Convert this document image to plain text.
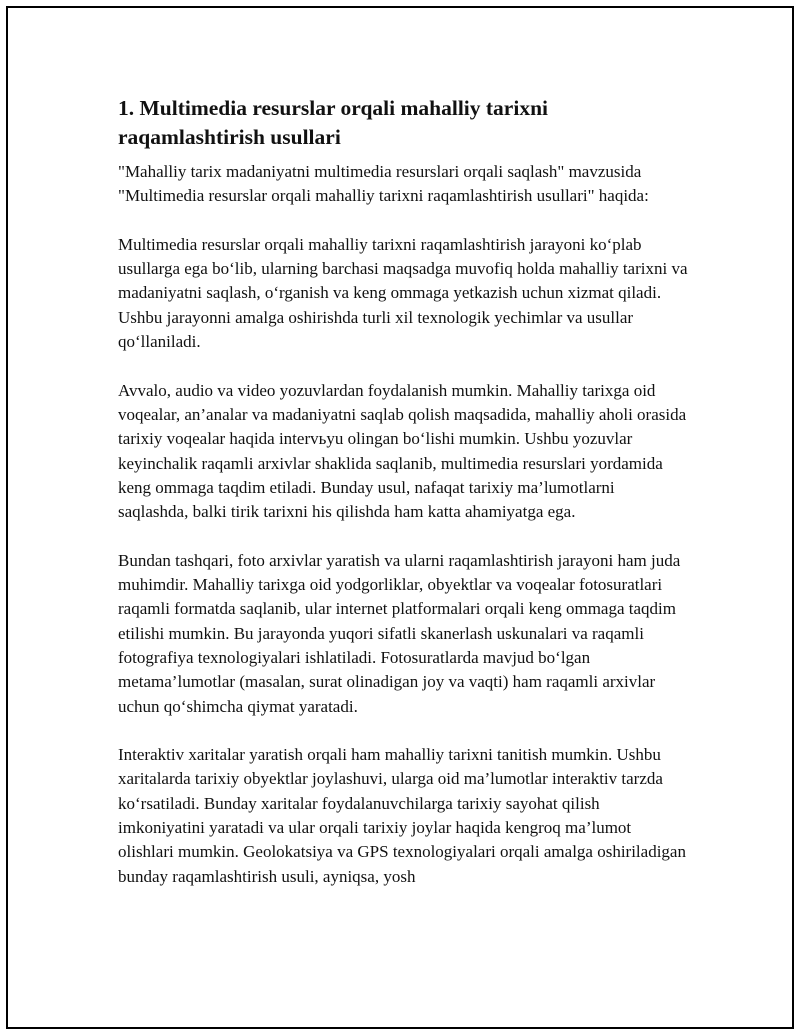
1. Multimedia resurslar orqali mahalliy tarixni raqamlashtirish usullari

"Mahalliy tarix madaniyatni multimedia resurslari orqali saqlash" mavzusida "Multimedia resurslar orqali mahalliy tarixni raqamlashtirish usullari" haqida:

Multimedia resurslar orqali mahalliy tarixni raqamlashtirish jarayoni ko‘plab usullarga ega bo‘lib, ularning barchasi maqsadga muvofiq holda mahalliy tarixni va madaniyatni saqlash, o‘rganish va keng ommaga yetkazish uchun xizmat qiladi. Ushbu jarayonni amalga oshirishda turli xil texnologik yechimlar va usullar qo‘llaniladi.

Avvalo, audio va video yozuvlardan foydalanish mumkin. Mahalliy tarixga oid voqealar, an’analar va madaniyatni saqlab qolish maqsadida, mahalliy aholi orasida tarixiy voqealar haqida intervьyu olingan bo‘lishi mumkin. Ushbu yozuvlar keyinchalik raqamli arxivlar shaklida saqlanib, multimedia resurslari yordamida keng ommaga taqdim etiladi. Bunday usul, nafaqat tarixiy ma’lumotlarni saqlashda, balki tirik tarixni his qilishda ham katta ahamiyatga ega.

Bundan tashqari, foto arxivlar yaratish va ularni raqamlashtirish jarayoni ham juda muhimdir. Mahalliy tarixga oid yodgorliklar, obyektlar va voqealar fotosuratlari raqamli formatda saqlanib, ular internet platformalari orqali keng ommaga taqdim etilishi mumkin. Bu jarayonda yuqori sifatli skanerlash uskunalari va raqamli fotografiya texnologiyalari ishlatiladi. Fotosuratlarda mavjud bo‘lgan metama’lumotlar (masalan, surat olinadigan joy va vaqti) ham raqamli arxivlar uchun qo‘shimcha qiymat yaratadi.

Interaktiv xaritalar yaratish orqali ham mahalliy tarixni tanitish mumkin. Ushbu xaritalarda tarixiy obyektlar joylashuvi, ularga oid ma’lumotlar interaktiv tarzda ko‘rsatiladi. Bunday xaritalar foydalanuvchilarga tarixiy sayohat qilish imkoniyatini yaratadi va ular orqali tarixiy joylar haqida kengroq ma’lumot olishlari mumkin. Geolokatsiya va GPS texnologiyalari orqali amalga oshiriladigan bunday raqamlashtirish usuli, ayniqsa, yosh
